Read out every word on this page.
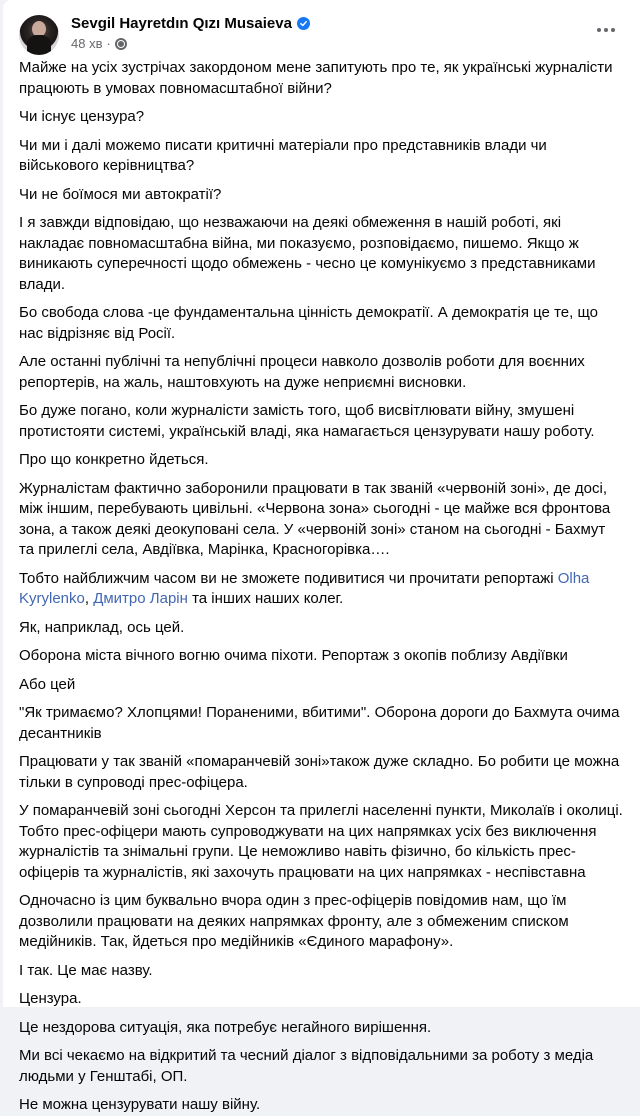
Sevgil Hayretdın Qızı Musaieva
48 хв ·

Майже на усіх зустрічах закордоном мене запитують про те, як українські журналісти працюють в умовах повномасштабної війни?

Чи існує цензура?

Чи ми і далі можемо писати критичні матеріали про представників влади чи військового керівництва?

Чи не боїмося ми автократії?

І я завжди відповідаю, що незважаючи на деякі обмеження в нашій роботі, які накладає повномасштабна війна, ми показуємо, розповідаємо, пишемо. Якщо ж виникають суперечності щодо обмежень - чесно це комунікуємо з представниками влади.

Бо свобода слова -це фундаментальна цінність демократії. А демократія це те, що нас відрізняє від Росії.

Але останні публічні та непублічні процеси навколо дозволів роботи для воєнних репортерів, на жаль, наштовхують на дуже неприємні висновки.

Бо дуже погано, коли журналісти замість того, щоб висвітлювати війну, змушені протистояти системі, українській владі, яка намагається цензурувати нашу роботу.

Про що конкретно йдеться.

Журналістам фактично заборонили працювати в так званій «червоній зоні», де досі, між іншим, перебувають цивільні. «Червона зона» сьогодні - це майже вся фронтова зона, а також деякі деокуповані села. У «червоній зоні» станом на сьогодні - Бахмут та прилеглі села, Авдіївка, Марінка, Красногорівка….

Тобто найближчим часом ви не зможете подивитися чи прочитати репортажі Olha Kyrylenko, Дмитро Ларін та інших наших колег.

Як, наприклад, ось цей.

Оборона міста вічного вогню очима піхоти. Репортаж з окопів поблизу Авдіївки

Або цей

"Як тримаємо? Хлопцями! Пораненими, вбитими". Оборона дороги до Бахмута очима десантників

Працювати у так званій «помаранчевій зоні»також дуже складно. Бо робити це можна тільки в супроводі прес-офіцера.

У помаранчевій зоні сьогодні Херсон та прилеглі населенні пункти, Миколаїв і околиці. Тобто прес-офіцери мають супроводжувати на цих напрямках усіх без виключення журналістів та знімальні групи. Це неможливо навіть фізично, бо кількість прес-офіцерів та журналістів, які захочуть працювати на цих напрямках - неспівставна

Одночасно із цим буквально вчора один з прес-офіцерів повідомив нам, що їм дозволили працювати на деяких напрямках фронту, але з обмеженим списком медійників. Так, йдеться про медійників «Єдиного марафону».

І так. Це має назву.

Цензура.

Це нездорова ситуація, яка потребує негайного вирішення.

Ми всі чекаємо на відкритий та чесний діалог з відповідальними за роботу з медіа людьми у Генштабі, ОП.

Не можна цензурувати нашу війну.
